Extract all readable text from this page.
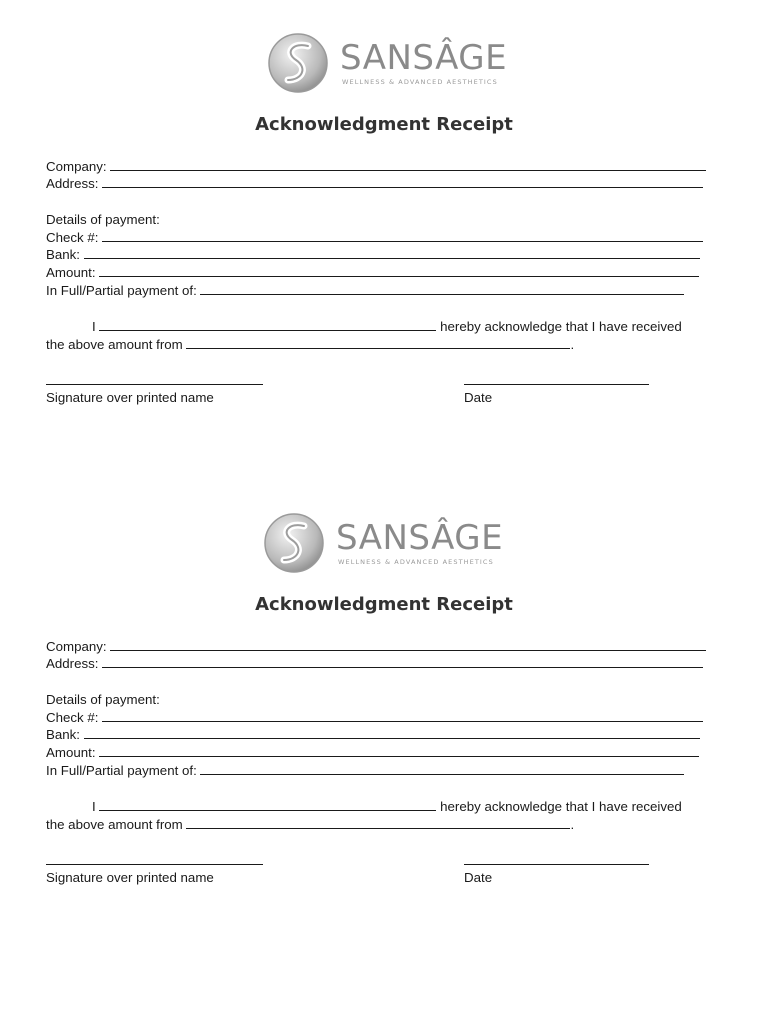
SANSÂGE
WELLNESS & ADVANCED AESTHETICS
Acknowledgment Receipt
Company:
Address:
Details of payment:
Check #:
Bank:
Amount:
In Full/Partial payment of:
I	hereby acknowledge that I have received
the above amount from	.
Signature over printed name	Date
SANSÂGE
WELLNESS & ADVANCED AESTHETICS
Acknowledgment Receipt
Company:
Address:
Details of payment:
Check #:
Bank:
Amount:
In Full/Partial payment of:
I	hereby acknowledge that I have received
the above amount from	.
Signature over printed name	Date
